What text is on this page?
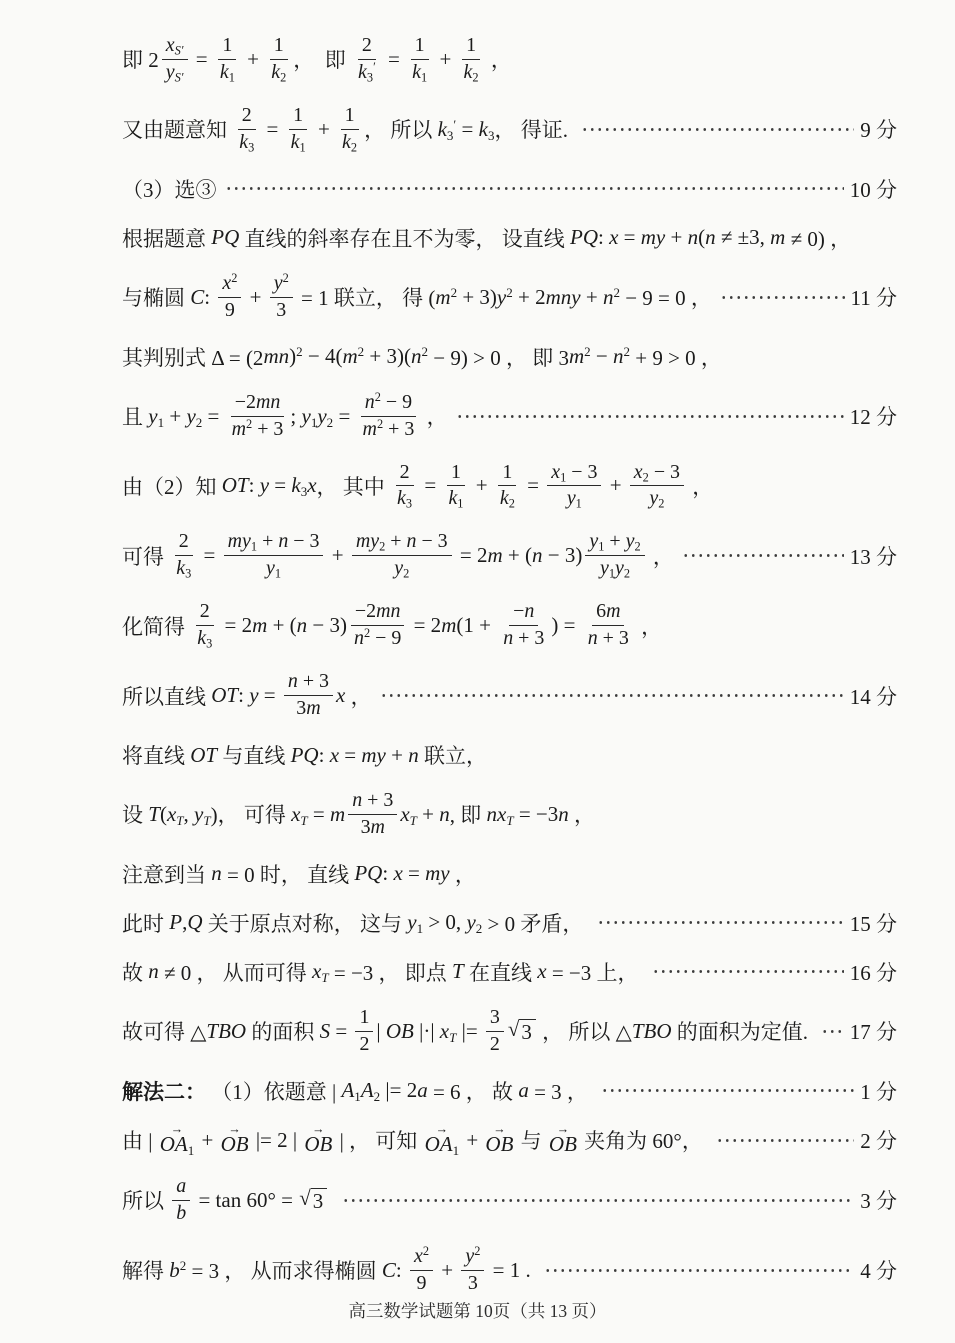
即 $2 \frac{x_{S'}}{y_{S'}} = \frac{1}{k_1} + \frac{1}{k_2}$ ，  即 $\frac{2}{k_3'} = \frac{1}{k_1} + \frac{1}{k_2}$ ，
又由题意知 $\frac{2}{k_3} = \frac{1}{k_1} + \frac{1}{k_2}$ ， 所以 $k_3' = k_3$ ， 得证.	9 分
（3）选③	10 分
根据题意 PQ 直线的斜率存在且不为零， 设直线 PQ : x = my + n ( n ≠ ±3, m ≠ 0) ，
与椭圆 C : $\frac{x^2}{9} + \frac{y^2}{3} = 1$ 联立， 得 ( $m^2 + 3$) $y^2 + 2$ mny + $n^2 - 9 = 0$ ，	11 分
其判别式 Δ = (2 mn )$^2$ − 4( $m^2 + 3$)( $n^2 - 9) > 0$ ， 即 3 $m^2 - n^2 + 9 > 0$ ，
且 $y_1 + y_2 = \frac{-2 mn}{m^2 + 3}$ ; $y_1$ $y_2 = \frac{n^2 - 9}{m^2 + 3}$ ，	12 分
由（2）知 OT : $y = k_3$ x ， 其中 $\frac{2}{k_3} = \frac{1}{k_1} + \frac{1}{k_2} = \frac{x_1 - 3}{y_1} + \frac{x_2 - 3}{y_2}$ ，
可得 $\frac{2}{k_3} = \frac{m y_1 + n - 3}{y_1} + \frac{m y_2 + n - 3}{y_2} = 2$ m + ( $n - 3) \frac{y_1 + y_2}{y_1 y_2}$ ，	13 分
化简得 $\frac{2}{k_3} = 2$ m + ( $n - 3) \frac{-2 mn}{n^2 - 9} = 2$ m ($1 + \frac{- n}{n + 3}$ ) = $\frac{6 m}{n + 3}$ ，
所以直线 OT : $y = \frac{n + 3}{3 m}$ x ，	14 分
将直线 OT 与直线 PQ : x = my + n 联立，
设 T ( $x_T$ , $y_T$ )， 可得 $x_T = m \frac{n + 3}{3 m} x_T + n$ , 即 n $x_T = -3$ n ，
注意到当 n = 0 时， 直线 PQ : x = my ，
此时 P , Q 关于原点对称， 这与 $y_1 > 0$, $y_2 > 0$ 矛盾，	15 分
故 n ≠ 0 ， 从而可得 $x_T = -3$ ， 即点 T 在直线 x = −3 上，	16 分
故可得 △ TBO 的面积 $S = \frac{1}{2}$ | OB |·| $x_T$ |= $\frac{3}{2}$ √ 3 ， 所以 △ TBO 的面积为定值. 17 分
解法二： （1）依题意 | $A_1$ $A_2$ |= 2 a = 6 ， 故 a = 3 ，	1 分
由 |
→
$OA_1$ + →
OB |= 2 | →
OB | ， 可知
→
$OA_1$ + →
OB 与
→
OB 夹角为 60°，	2 分
所以 $\frac{a}{b} = \tan 60^\circ$ = √ 3
	3 分
解得 $b^2 = 3$ ， 从而求得椭圆 C : $\frac{x^2}{9} + \frac{y^2}{3} = 1$ .	4 分
高三数学试题第 10页（共 13 页）
